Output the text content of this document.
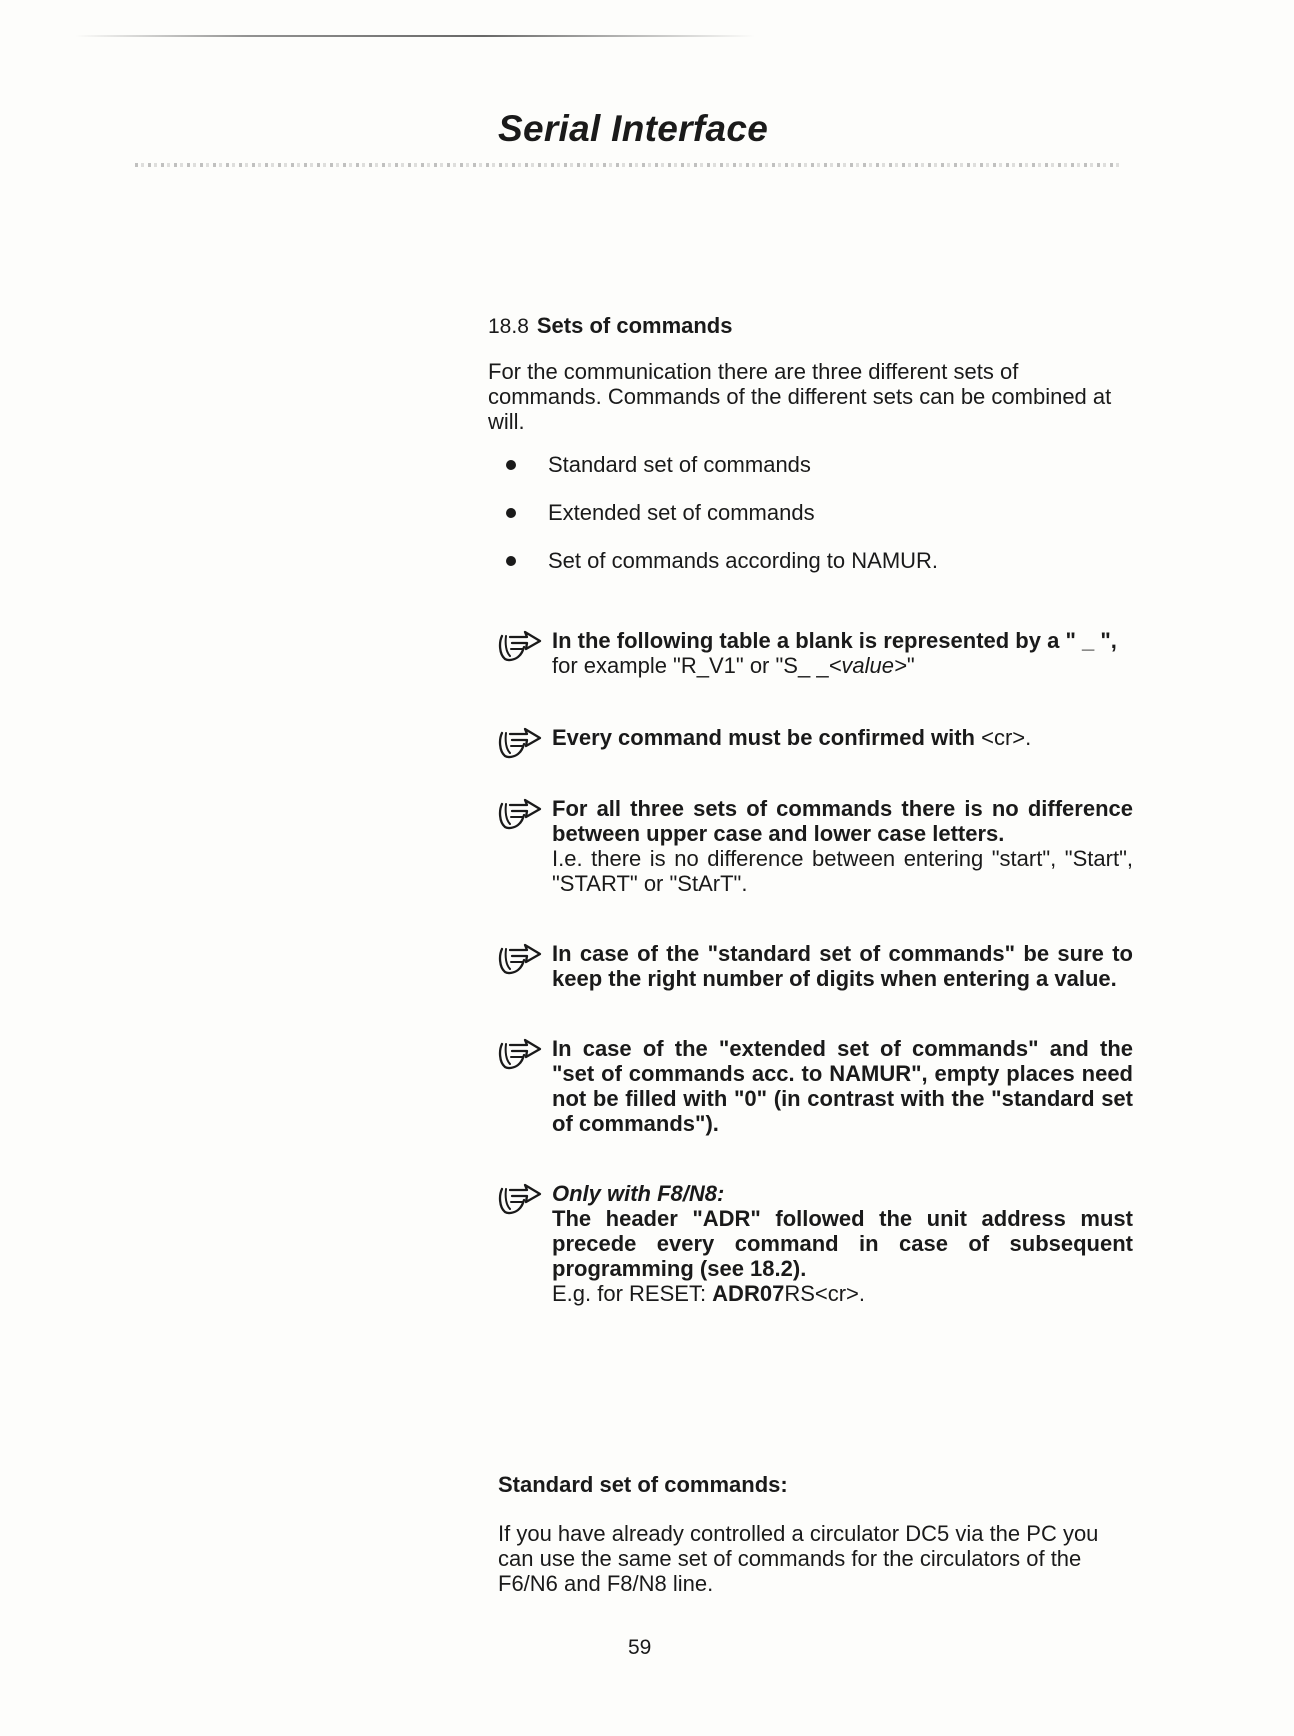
Serial Interface
18.8 Sets of commands

For the communication there are three different sets of commands. Commands of the different sets can be combined at will.

Standard set of commands
Extended set of commands
Set of commands according to NAMUR.
In the following table a blank is represented by a " _ ",
for example "R_V1" or "S_ _<value>"
Every command must be confirmed with <cr>.
For all three sets of commands there is no difference between upper case and lower case letters.
I.e. there is no difference between entering "start", "Start", "START" or "StArT".
In case of the "standard set of commands" be sure to keep the right number of digits when entering a value.
In case of the "extended set of commands" and the "set of commands acc. to NAMUR", empty places need not be filled with "0" (in contrast with the "standard set of commands").
Only with F8/N8:
The header "ADR" followed the unit address must precede every command in case of subsequent programming (see 18.2).
E.g. for RESET: ADR07RS<cr>.
Standard set of commands:

If you have already controlled a circulator DC5 via the PC you can use the same set of commands for the circulators of the F6/N6 and F8/N8 line.

59
